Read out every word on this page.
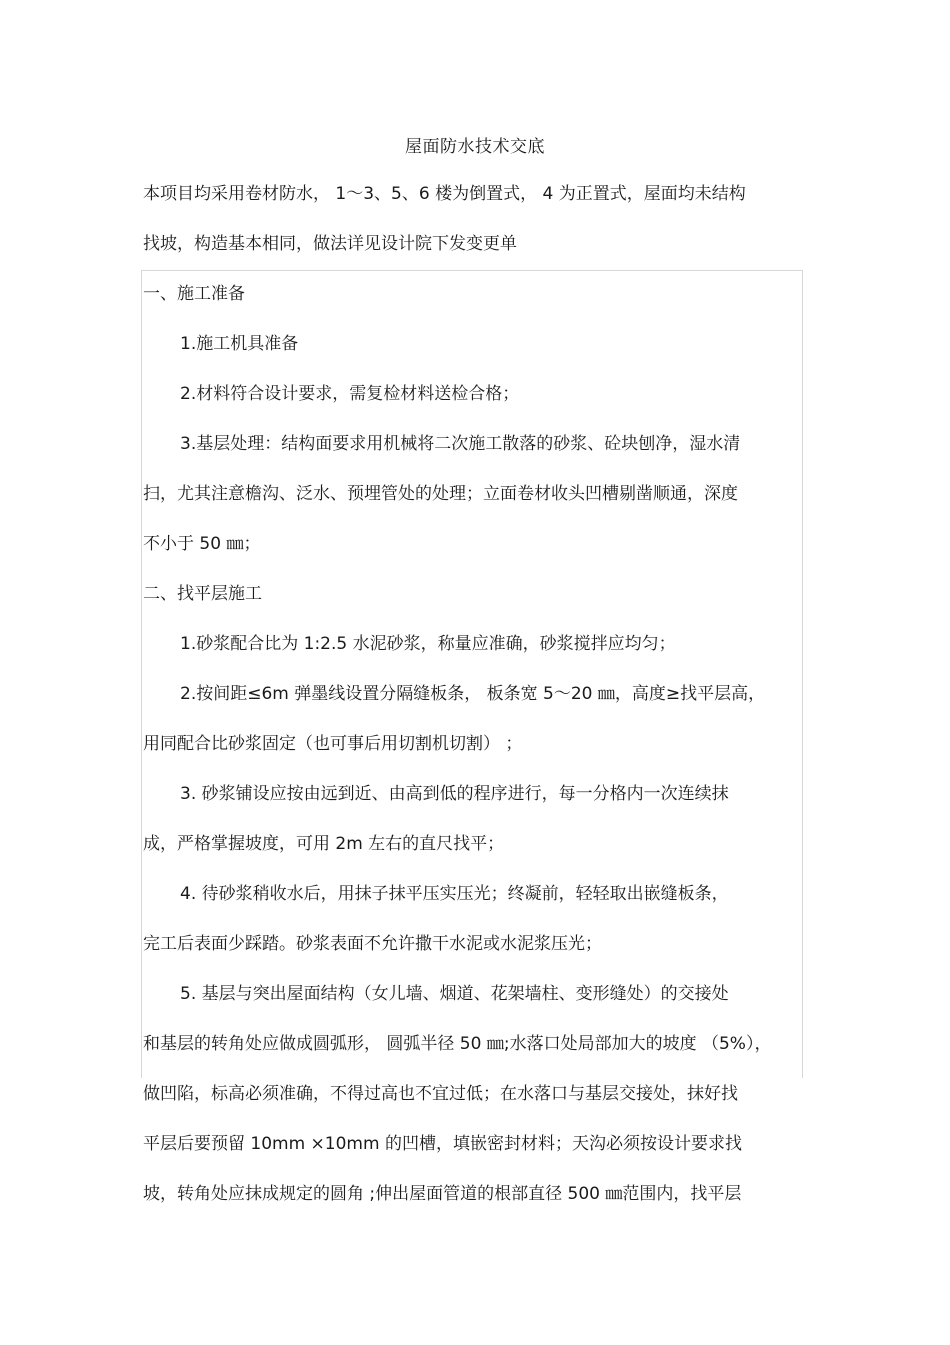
屋面防水技术交底
本项目均采用卷材防水， 1～3、5、6 楼为倒置式， 4 为正置式，屋面均未结构
找坡，构造基本相同，做法详见设计院下发变更单
一、施工准备
1.施工机具准备
2.材料符合设计要求，需复检材料送检合格；
3.基层处理：结构面要求用机械将二次施工散落的砂浆、砼块刨净，湿水清
扫，尤其注意檐沟、泛水、预埋管处的处理；立面卷材收头凹槽剔凿顺通，深度
不小于 50 ㎜；
二、找平层施工
1.砂浆配合比为 1:2.5 水泥砂浆，称量应准确，砂浆搅拌应均匀；
2.按间距≤6m 弹墨线设置分隔缝板条， 板条宽 5～20 ㎜，高度≥找平层高，
用同配合比砂浆固定（也可事后用切割机切割） ；
3. 砂浆铺设应按由远到近、由高到低的程序进行，每一分格内一次连续抹
成，严格掌握坡度，可用 2m 左右的直尺找平；
4. 待砂浆稍收水后，用抹子抹平压实压光；终凝前，轻轻取出嵌缝板条，
完工后表面少踩踏。砂浆表面不允许撒干水泥或水泥浆压光；
5. 基层与突出屋面结构（女儿墙、烟道、花架墙柱、变形缝处）的交接处
和基层的转角处应做成圆弧形， 圆弧半径 50 ㎜;水落口处局部加大的坡度 （5%），
做凹陷，标高必须准确，不得过高也不宜过低；在水落口与基层交接处，抹好找
平层后要预留 10mm ×10mm 的凹槽，填嵌密封材料；天沟必须按设计要求找
坡，转角处应抹成规定的圆角 ;伸出屋面管道的根部直径 500 ㎜范围内，找平层
